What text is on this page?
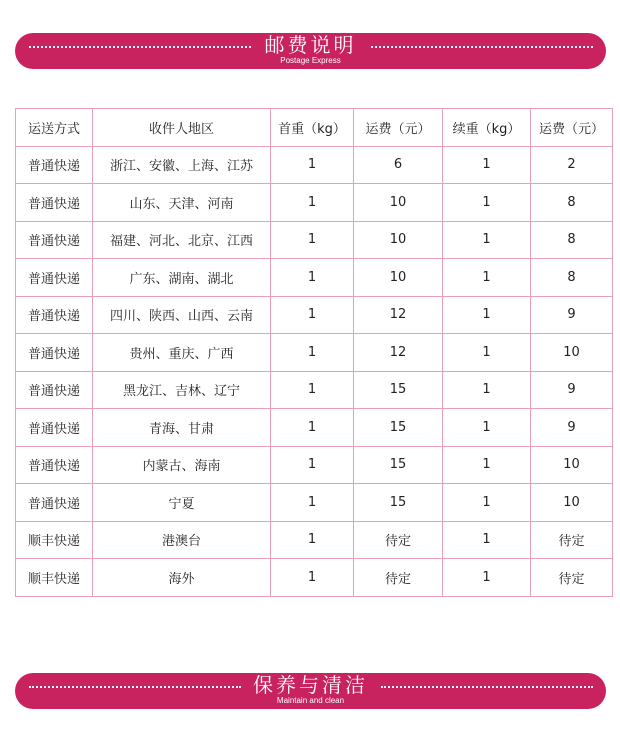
邮费说明
Postage Express
运送方式	收件人地区	首重（kg）	运费（元）	续重（kg）	运费（元）
普通快递	浙江、安徽、上海、江苏	1	6	1	2
普通快递	山东、天津、河南	1	10	1	8
普通快递	福建、河北、北京、江西	1	10	1	8
普通快递	广东、湖南、湖北	1	10	1	8
普通快递	四川、陕西、山西、云南	1	12	1	9
普通快递	贵州、重庆、广西	1	12	1	10
普通快递	黑龙江、吉林、辽宁	1	15	1	9
普通快递	青海、甘肃	1	15	1	9
普通快递	内蒙古、海南	1	15	1	10
普通快递	宁夏	1	15	1	10
顺丰快递	港澳台	1	待定	1	待定
顺丰快递	海外	1	待定	1	待定
保养与清洁
Maintain and clean
